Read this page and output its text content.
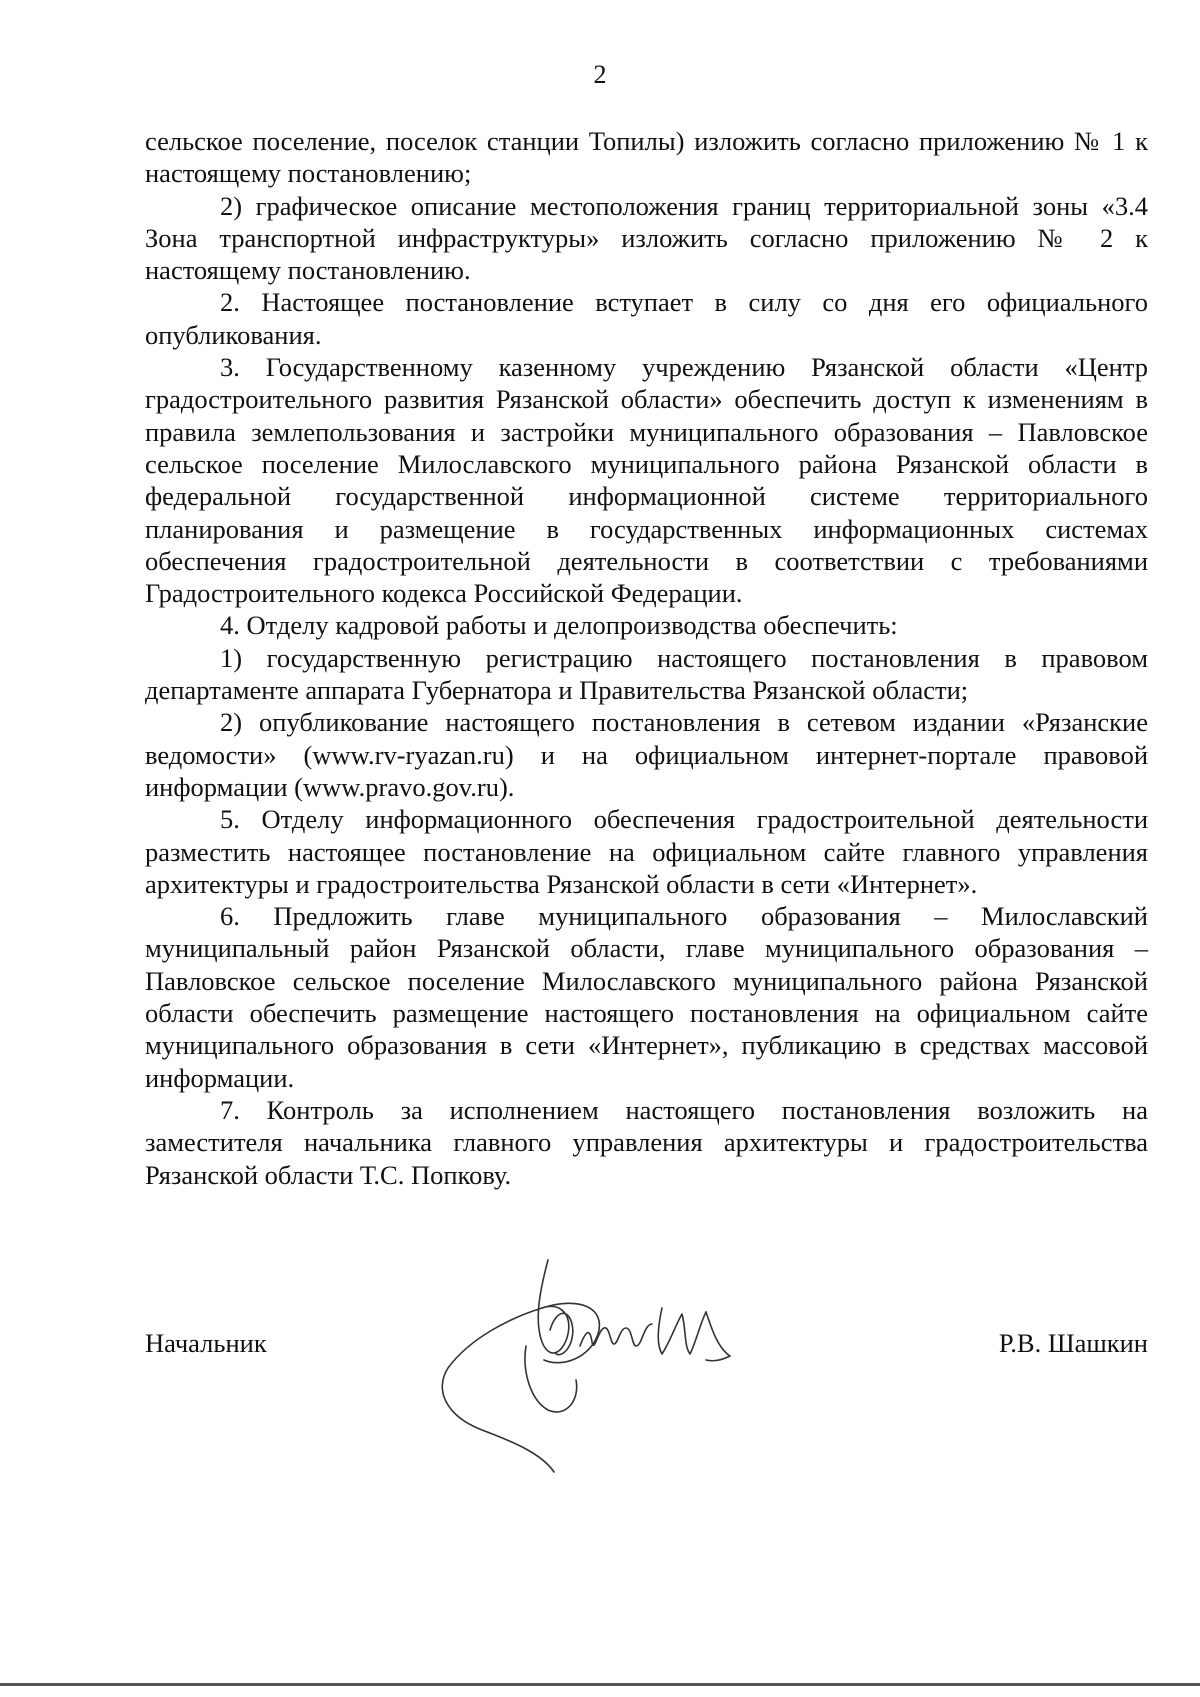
2

сельское поселение, поселок станции Топилы) изложить согласно приложению № 1 к настоящему постановлению;

2) графическое описание местоположения границ территориальной зоны «3.4 Зона транспортной инфраструктуры» изложить согласно приложению № 2 к настоящему постановлению.

2. Настоящее постановление вступает в силу со дня его официального опубликования.

3. Государственному казенному учреждению Рязанской области «Центр градостроительного развития Рязанской области» обеспечить доступ к изменениям в правила землепользования и застройки муниципального образования – Павловское сельское поселение Милославского муниципального района Рязанской области в федеральной государственной информационной системе территориального планирования и размещение в государственных информационных системах обеспечения градостроительной деятельности в соответствии с требованиями Градостроительного кодекса Российской Федерации.

4. Отделу кадровой работы и делопроизводства обеспечить:

1) государственную регистрацию настоящего постановления в правовом департаменте аппарата Губернатора и Правительства Рязанской области;

2) опубликование настоящего постановления в сетевом издании «Рязанские ведомости» (www.rv-ryazan.ru) и на официальном интернет-портале правовой информации (www.pravo.gov.ru).

5. Отделу информационного обеспечения градостроительной деятельности разместить настоящее постановление на официальном сайте главного управления архитектуры и градостроительства Рязанской области в сети «Интернет».

6. Предложить главе муниципального образования – Милославский муниципальный район Рязанской области, главе муниципального образования – Павловское сельское поселение Милославского муниципального района Рязанской области обеспечить размещение настоящего постановления на официальном сайте муниципального образования в сети «Интернет», публикацию в средствах массовой информации.

7. Контроль за исполнением настоящего постановления возложить на заместителя начальника главного управления архитектуры и градостроительства Рязанской области Т.С. Попкову.

Начальник	Р.В. Шашкин
